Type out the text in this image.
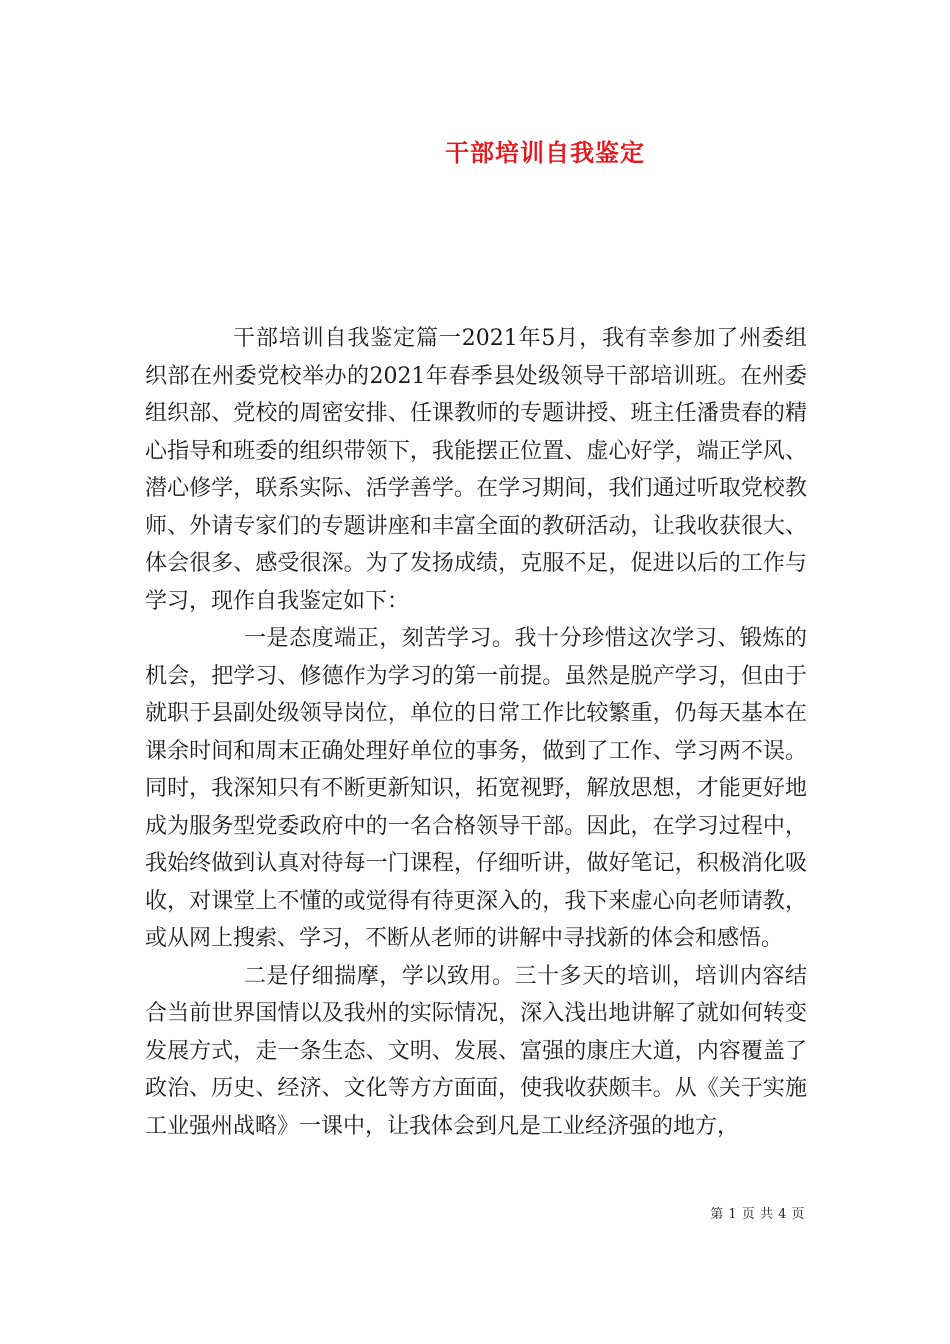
干部培训自我鉴定

干部培训自我鉴定篇一2021年5月，我有幸参加了州委组织部在州委党校举办的2021年春季县处级领导干部培训班。在州委组织部、党校的周密安排、任课教师的专题讲授、班主任潘贵春的精心指导和班委的组织带领下，我能摆正位置、虚心好学，端正学风、潜心修学，联系实际、活学善学。在学习期间，我们通过听取党校教师、外请专家们的专题讲座和丰富全面的教研活动，让我收获很大、体会很多、感受很深。为了发扬成绩，克服不足，促进以后的工作与学习，现作自我鉴定如下：

一是态度端正，刻苦学习。我十分珍惜这次学习、锻炼的机会，把学习、修德作为学习的第一前提。虽然是脱产学习，但由于就职于县副处级领导岗位，单位的日常工作比较繁重，仍每天基本在课余时间和周末正确处理好单位的事务，做到了工作、学习两不误。同时，我深知只有不断更新知识，拓宽视野，解放思想，才能更好地成为服务型党委政府中的一名合格领导干部。因此，在学习过程中，我始终做到认真对待每一门课程，仔细听讲，做好笔记，积极消化吸收，对课堂上不懂的或觉得有待更深入的，我下来虚心向老师请教，或从网上搜索、学习，不断从老师的讲解中寻找新的体会和感悟。

二是仔细揣摩，学以致用。三十多天的培训，培训内容结合当前世界国情以及我州的实际情况，深入浅出地讲解了就如何转变发展方式，走一条生态、文明、发展、富强的康庄大道，内容覆盖了政治、历史、经济、文化等方方面面，使我收获颇丰。从《关于实施工业强州战略》一课中，让我体会到凡是工业经济强的地方，

第 1 页 共 4 页
